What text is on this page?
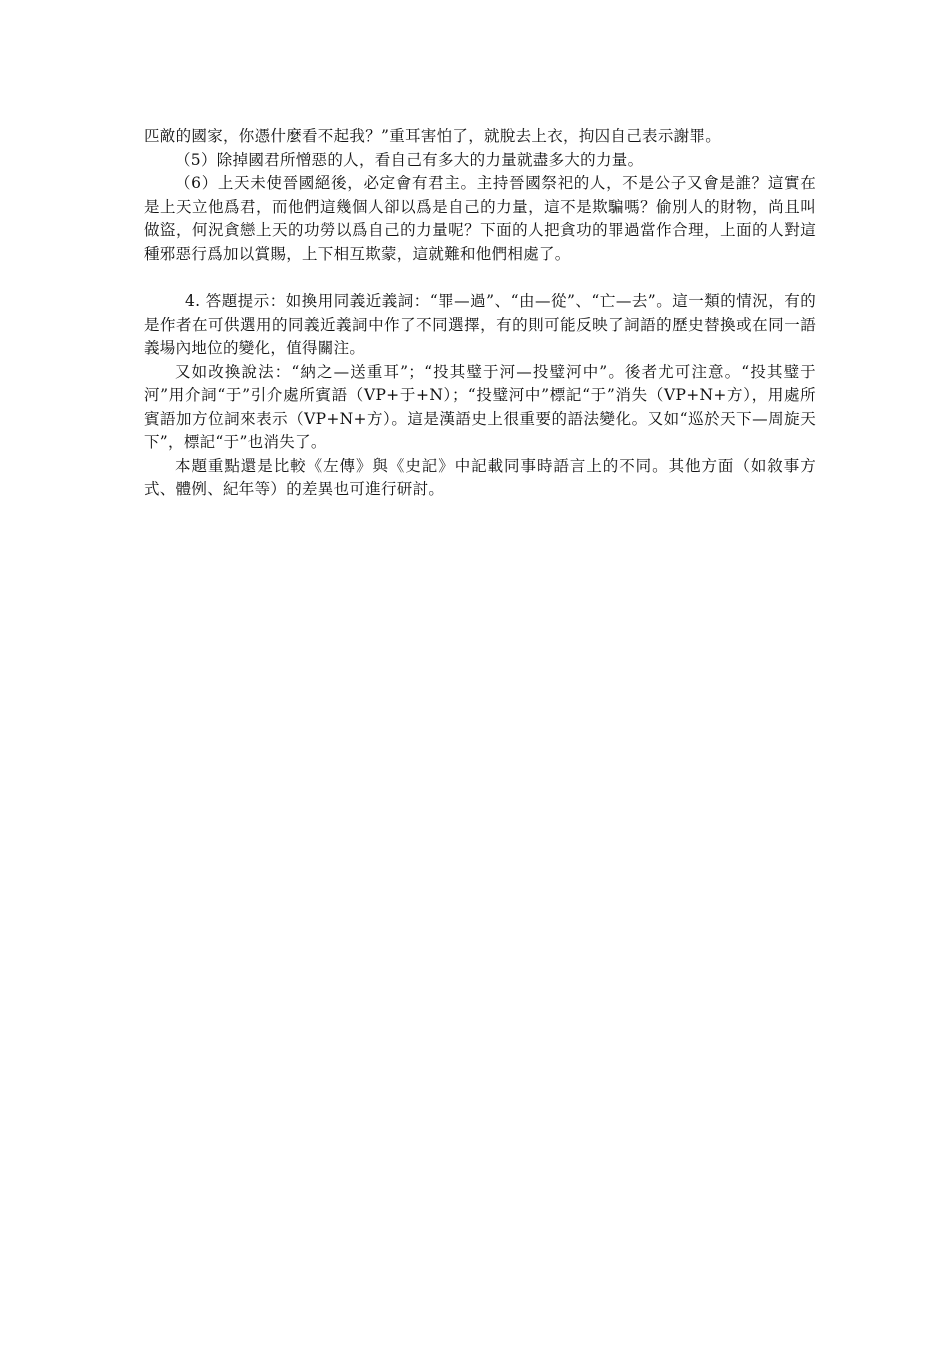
匹敵的國家，你憑什麼看不起我？”重耳害怕了，就脫去上衣，拘囚自己表示謝罪。

（5）除掉國君所憎惡的人，看自己有多大的力量就盡多大的力量。

（6）上天未使晉國絕後，必定會有君主。主持晉國祭祀的人，不是公子又會是誰？這實在是上天立他爲君，而他們這幾個人卻以爲是自己的力量，這不是欺騙嗎？偷別人的財物，尚且叫做盜，何況貪戀上天的功勞以爲自己的力量呢？下面的人把貪功的罪過當作合理，上面的人對這種邪惡行爲加以賞賜，上下相互欺蒙，這就難和他們相處了。

4. 答題提示：如換用同義近義詞：“罪—過”、“由—從”、“亡—去”。這一類的情況，有的是作者在可供選用的同義近義詞中作了不同選擇，有的則可能反映了詞語的歷史替換或在同一語義場內地位的變化，值得關注。

又如改換說法：“納之—送重耳”；“投其璧于河—投璧河中”。後者尤可注意。“投其璧于河”用介詞“于”引介處所賓語（VP+于+N）；“投璧河中”標記“于”消失（VP+N+方），用處所賓語加方位詞來表示（VP+N+方）。這是漢語史上很重要的語法變化。又如“巡於天下—周旋天下”，標記“于”也消失了。

本題重點還是比較《左傳》與《史記》中記載同事時語言上的不同。其他方面（如敘事方式、體例、紀年等）的差異也可進行研討。
